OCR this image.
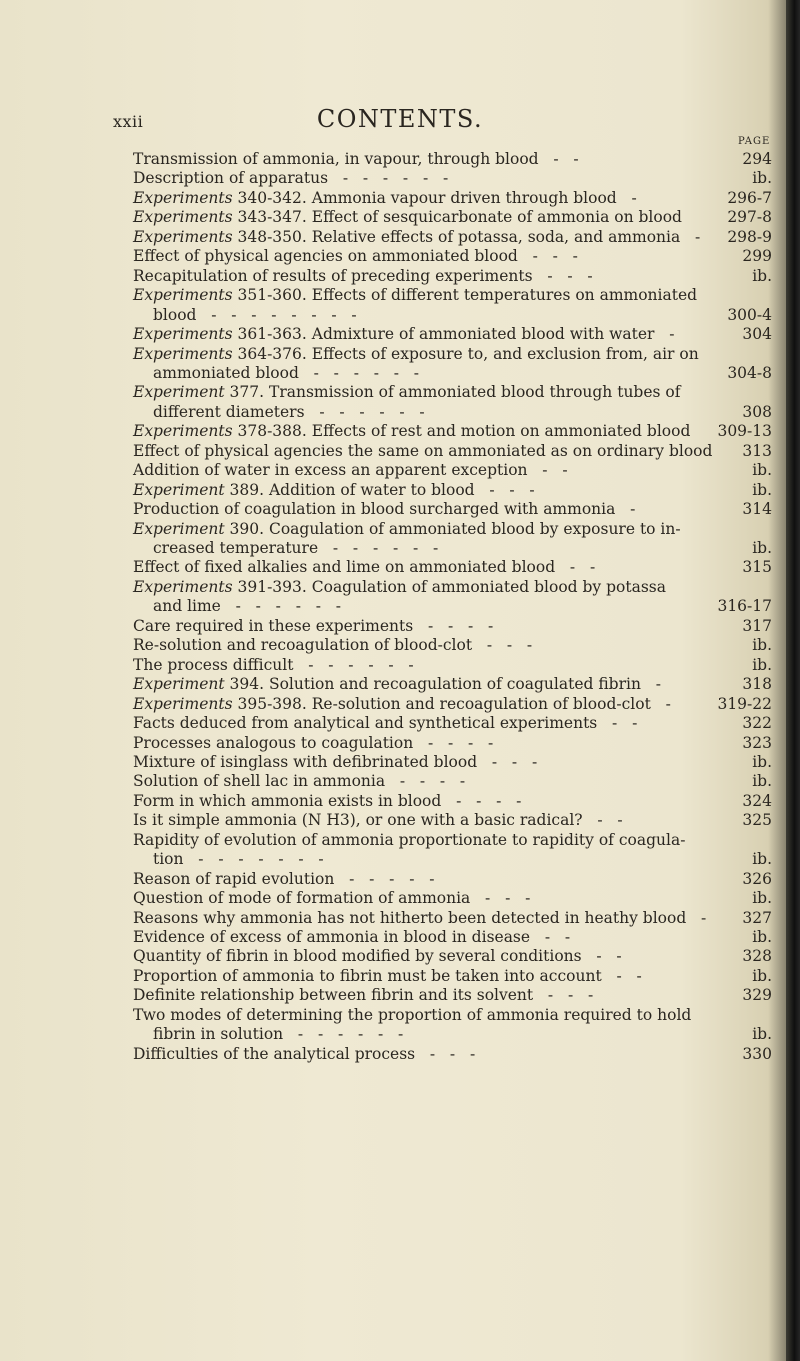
xxii	CONTENTS.
PAGE
Transmission of ammonia, in vapour, through blood   -   -	294
Description of apparatus   -   -   -   -   -   -	ib.
Experiments 340-342. Ammonia vapour driven through blood   -	296-7
Experiments 343-347. Effect of sesquicarbonate of ammonia on blood	297-8
Experiments 348-350. Relative effects of potassa, soda, and ammonia   - 298-9
Effect of physical agencies on ammoniated blood   -   -   -	299
Recapitulation of results of preceding experiments   -   -   -	ib.
Experiments 351-360. Effects of different temperatures on ammoniated
blood   -   -   -   -   -   -   -   -	300-4
Experiments 361-363. Admixture of ammoniated blood with water   -	304
Experiments 364-376. Effects of exposure to, and exclusion from, air on
ammoniated blood   -   -   -   -   -   -	304-8
Experiment 377. Transmission of ammoniated blood through tubes of
different diameters   -   -   -   -   -   -	308
Experiments 378-388. Effects of rest and motion on ammoniated blood 309-13
Effect of physical agencies the same on ammoniated as on ordinary blood 313
Addition of water in excess an apparent exception   -   -	ib.
Experiment 389. Addition of water to blood   -   -   -	ib.
Production of coagulation in blood surcharged with ammonia   -	314
Experiment 390. Coagulation of ammoniated blood by exposure to in-
creased temperature   -   -   -   -   -   -	ib.
Effect of fixed alkalies and lime on ammoniated blood   -   -	315
Experiments 391-393. Coagulation of ammoniated blood by potassa
and lime   -   -   -   -   -   -	316-17
Care required in these experiments   -   -   -   -	317
Re-solution and recoagulation of blood-clot   -   -   -	ib.
The process difficult   -   -   -   -   -   -	ib.
Experiment 394. Solution and recoagulation of coagulated fibrin   -	318
Experiments 395-398. Re-solution and recoagulation of blood-clot   -	319-22
Facts deduced from analytical and synthetical experiments   -   -	322
Processes analogous to coagulation   -   -   -   -	323
Mixture of isinglass with defibrinated blood   -   -   -	ib.
Solution of shell lac in ammonia   -   -   -   -	ib.
Form in which ammonia exists in blood   -   -   -   -	324
Is it simple ammonia (N H3), or one with a basic radical?   -   -	325
Rapidity of evolution of ammonia proportionate to rapidity of coagula-
tion   -   -   -   -   -   -   -	ib.
Reason of rapid evolution   -   -   -   -   -	326
Question of mode of formation of ammonia   -   -   -	ib.
Reasons why ammonia has not hitherto been detected in heathy blood   - 327
Evidence of excess of ammonia in blood in disease   -   -	ib.
Quantity of fibrin in blood modified by several conditions   -   -	328
Proportion of ammonia to fibrin must be taken into account   -   -	ib.
Definite relationship between fibrin and its solvent   -   -   -	329
Two modes of determining the proportion of ammonia required to hold
fibrin in solution   -   -   -   -   -   -	ib.
Difficulties of the analytical process   -   -   -	330
